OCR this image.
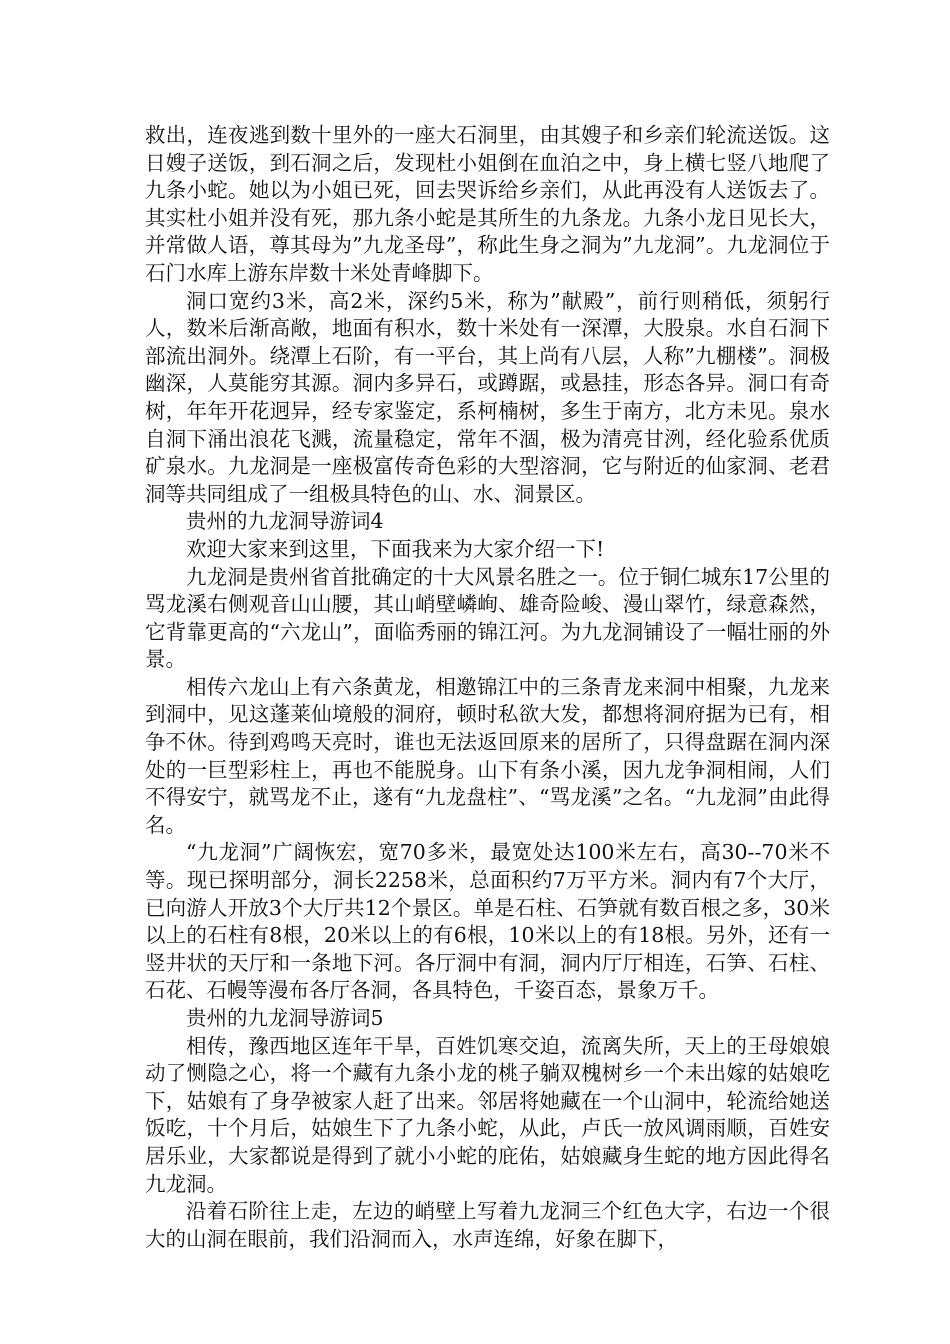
救出，连夜逃到数十里外的一座大石洞里，由其嫂子和乡亲们轮流送饭。这日嫂子送饭，到石洞之后，发现杜小姐倒在血泊之中，身上横七竖八地爬了九条小蛇。她以为小姐已死，回去哭诉给乡亲们，从此再没有人送饭去了。其实杜小姐并没有死，那九条小蛇是其所生的九条龙。九条小龙日见长大，并常做人语，尊其母为”九龙圣母”，称此生身之洞为”九龙洞”。九龙洞位于石门水库上游东岸数十米处青峰脚下。

洞口宽约3米，高2米，深约5米，称为”献殿”，前行则稍低，须躬行人，数米后渐高敞，地面有积水，数十米处有一深潭，大股泉。水自石洞下部流出洞外。绕潭上石阶，有一平台，其上尚有八层，人称”九棚楼”。洞极幽深，人莫能穷其源。洞内多异石，或蹲踞，或悬挂，形态各异。洞口有奇树，年年开花迥异，经专家鉴定，系柯楠树，多生于南方，北方未见。泉水自洞下涌出浪花飞溅，流量稳定，常年不涸，极为清亮甘洌，经化验系优质矿泉水。九龙洞是一座极富传奇色彩的大型溶洞，它与附近的仙家洞、老君洞等共同组成了一组极具特色的山、水、洞景区。

贵州的九龙洞导游词4

欢迎大家来到这里，下面我来为大家介绍一下!

九龙洞是贵州省首批确定的十大风景名胜之一。位于铜仁城东17公里的骂龙溪右侧观音山山腰，其山峭壁嶙峋、雄奇险峻、漫山翠竹，绿意森然，它背靠更高的“六龙山”，面临秀丽的锦江河。为九龙洞铺设了一幅壮丽的外景。

相传六龙山上有六条黄龙，相邀锦江中的三条青龙来洞中相聚，九龙来到洞中，见这蓬莱仙境般的洞府，顿时私欲大发，都想将洞府据为已有，相争不休。待到鸡鸣天亮时，谁也无法返回原来的居所了，只得盘踞在洞内深处的一巨型彩柱上，再也不能脱身。山下有条小溪，因九龙争洞相闹，人们不得安宁，就骂龙不止，遂有“九龙盘柱”、“骂龙溪”之名。“九龙洞”由此得名。

“九龙洞”广阔恢宏，宽70多米，最宽处达100米左右，高30--70米不等。现已探明部分，洞长2258米，总面积约7万平方米。洞内有7个大厅，已向游人开放3个大厅共12个景区。单是石柱、石笋就有数百根之多，30米以上的石柱有8根，20米以上的有6根，10米以上的有18根。另外，还有一竖井状的天厅和一条地下河。各厅洞中有洞，洞内厅厅相连，石笋、石柱、石花、石幔等漫布各厅各洞，各具特色，千姿百态，景象万千。

贵州的九龙洞导游词5

相传，豫西地区连年干旱，百姓饥寒交迫，流离失所，天上的王母娘娘动了恻隐之心，将一个藏有九条小龙的桃子躺双槐树乡一个未出嫁的姑娘吃下，姑娘有了身孕被家人赶了出来。邻居将她藏在一个山洞中，轮流给她送饭吃，十个月后，姑娘生下了九条小蛇，从此，卢氏一放风调雨顺，百姓安居乐业，大家都说是得到了就小小蛇的庇佑，姑娘藏身生蛇的地方因此得名九龙洞。

沿着石阶往上走，左边的峭壁上写着九龙洞三个红色大字，右边一个很大的山洞在眼前，我们沿洞而入，水声连绵，好象在脚下，
